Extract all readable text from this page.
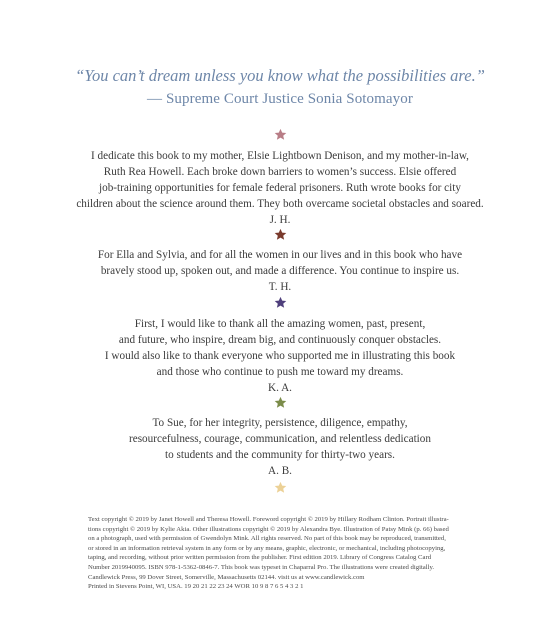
“You can’t dream unless you know what the possibilities are.”
— Supreme Court Justice Sonia Sotomayor
I dedicate this book to my mother, Elsie Lightbown Denison, and my mother-in-law,
Ruth Rea Howell. Each broke down barriers to women’s success. Elsie offered
job-training opportunities for female federal prisoners. Ruth wrote books for city
children about the science around them. They both overcame societal obstacles and soared.
J. H.
For Ella and Sylvia, and for all the women in our lives and in this book who have
bravely stood up, spoken out, and made a difference. You continue to inspire us.
T. H.
First, I would like to thank all the amazing women, past, present,
and future, who inspire, dream big, and continuously conquer obstacles.
I would also like to thank everyone who supported me in illustrating this book
and those who continue to push me toward my dreams.
K. A.
To Sue, for her integrity, persistence, diligence, empathy,
resourcefulness, courage, communication, and relentless dedication
to students and the community for thirty-two years.
A. B.
Text copyright © 2019 by Janet Howell and Theresa Howell. Foreword copyright © 2019 by Hillary Rodham Clinton. Portrait illustra-
tions copyright © 2019 by Kylie Akia. Other illustrations copyright © 2019 by Alexandra Bye. Illustration of Patsy Mink (p. 66) based
on a photograph, used with permission of Gwendolyn Mink. All rights reserved. No part of this book may be reproduced, transmitted,
or stored in an information retrieval system in any form or by any means, graphic, electronic, or mechanical, including photocopying,
taping, and recording, without prior written permission from the publisher. First edition 2019. Library of Congress Catalog Card
Number 2019940095. ISBN 978-1-5362-0846-7. This book was typeset in Chaparral Pro. The illustrations were created digitally.
Candlewick Press, 99 Dover Street, Somerville, Massachusetts 02144. visit us at www.candlewick.com
Printed in Stevens Point, WI, USA. 19 20 21 22 23 24 WOR 10 9 8 7 6 5 4 3 2 1
